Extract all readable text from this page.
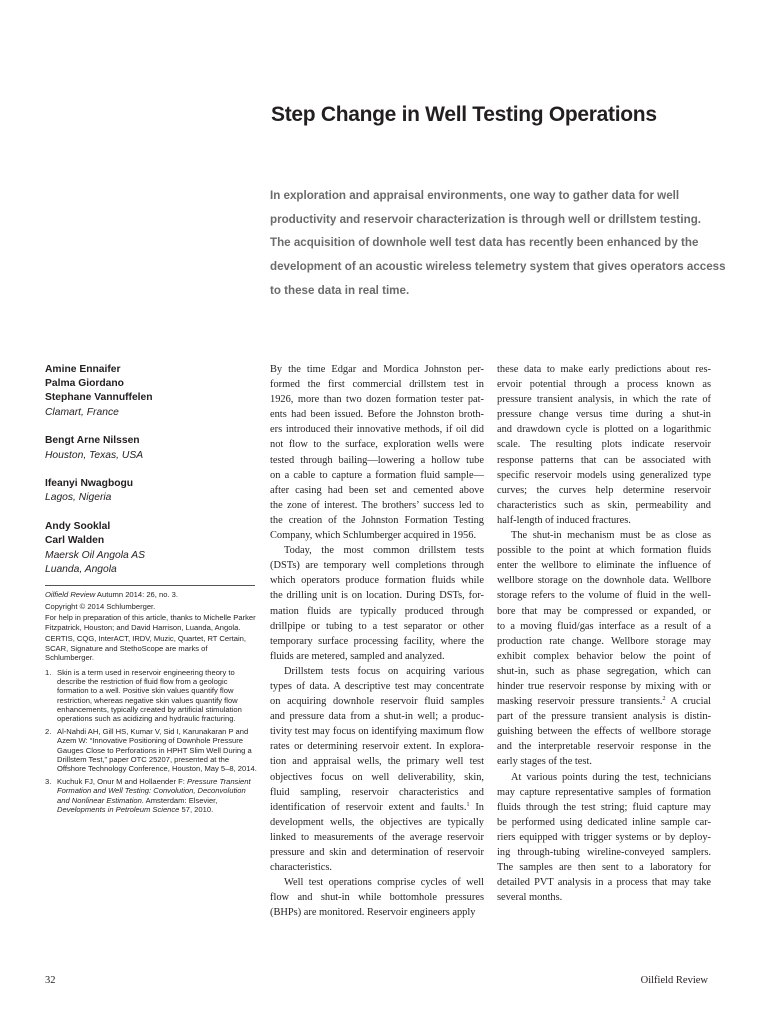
Step Change in Well Testing Operations
In exploration and appraisal environments, one way to gather data for well
productivity and reservoir characterization is through well or drillstem testing.
The acquisition of downhole well test data has recently been enhanced by the
development of an acoustic wireless telemetry system that gives operators access
to these data in real time.
Amine Ennaifer
Palma Giordano
Stephane Vannuffelen
Clamart, France
Bengt Arne Nilssen
Houston, Texas, USA
Ifeanyi Nwagbogu
Lagos, Nigeria
Andy Sooklal
Carl Walden
Maersk Oil Angola AS
Luanda, Angola

Oilfield Review Autumn 2014: 26, no. 3.

Copyright © 2014 Schlumberger.

For help in preparation of this article, thanks to Michelle Parker Fitzpatrick, Houston; and David Harrison, Luanda, Angola.

CERTIS, CQG, InterACT, IRDV, Muzic, Quartet, RT Certain, SCAR, Signature and StethoScope are marks of Schlumberger.

1. Skin is a term used in reservoir engineering theory to describe the restriction of fluid flow from a geologic formation to a well. Positive skin values quantify flow restriction, whereas negative skin values quantify flow enhancements, typically created by artificial stimulation operations such as acidizing and hydraulic fracturing.
2. Al-Nahdi AH, Gill HS, Kumar V, Sid I, Karunakaran P and Azem W: “Innovative Positioning of Downhole Pressure Gauges Close to Perforations in HPHT Slim Well During a Drillstem Test,” paper OTC 25207, presented at the Offshore Technology Conference, Houston, May 5–8, 2014.
3. Kuchuk FJ, Onur M and Hollaender F: Pressure Transient Formation and Well Testing: Convolution, Deconvolution and Nonlinear Estimation. Amsterdam: Elsevier, Developments in Petroleum Science 57, 2010.
By the time Edgar and Mordica Johnston per-
formed the first commercial drillstem test in
1926, more than two dozen formation tester pat-
ents had been issued. Before the Johnston broth-
ers introduced their innovative methods, if oil did
not flow to the surface, exploration wells were
tested through bailing—lowering a hollow tube
on a cable to capture a formation fluid sample—
after casing had been set and cemented above
the zone of interest. The brothers’ success led to
the creation of the Johnston Formation Testing
Company, which Schlumberger acquired in 1956.
Today, the most common drillstem tests
(DSTs) are temporary well completions through
which operators produce formation fluids while
the drilling unit is on location. During DSTs, for-
mation fluids are typically produced through
drillpipe or tubing to a test separator or other
temporary surface processing facility, where the
fluids are metered, sampled and analyzed.
Drillstem tests focus on acquiring various
types of data. A descriptive test may concentrate
on acquiring downhole reservoir fluid samples
and pressure data from a shut-in well; a produc-
tivity test may focus on identifying maximum flow
rates or determining reservoir extent. In explora-
tion and appraisal wells, the primary well test
objectives focus on well deliverability, skin,
fluid sampling, reservoir characteristics and
identification of reservoir extent and faults.$^1$ In
development wells, the objectives are typically
linked to measurements of the average reservoir
pressure and skin and determination of reservoir
characteristics.
Well test operations comprise cycles of well
flow and shut-in while bottomhole pressures
(BHPs) are monitored. Reservoir engineers apply
these data to make early predictions about res-
ervoir potential through a process known as
pressure transient analysis, in which the rate of
pressure change versus time during a shut-in
and drawdown cycle is plotted on a logarithmic
scale. The resulting plots indicate reservoir
response patterns that can be associated with
specific reservoir models using generalized type
curves; the curves help determine reservoir
characteristics such as skin, permeability and
half-length of induced fractures.
The shut-in mechanism must be as close as
possible to the point at which formation fluids
enter the wellbore to eliminate the influence of
wellbore storage on the downhole data. Wellbore
storage refers to the volume of fluid in the well-
bore that may be compressed or expanded, or
to a moving fluid/gas interface as a result of a
production rate change. Wellbore storage may
exhibit complex behavior below the point of
shut-in, such as phase segregation, which can
hinder true reservoir response by mixing with or
masking reservoir pressure transients.$^2$ A crucial
part of the pressure transient analysis is distin-
guishing between the effects of wellbore storage
and the interpretable reservoir response in the
early stages of the test.
At various points during the test, technicians
may capture representative samples of formation
fluids through the test string; fluid capture may
be performed using dedicated inline sample car-
riers equipped with trigger systems or by deploy-
ing through-tubing wireline-conveyed samplers.
The samples are then sent to a laboratory for
detailed PVT analysis in a process that may take
several months.
32	Oilfield Review
